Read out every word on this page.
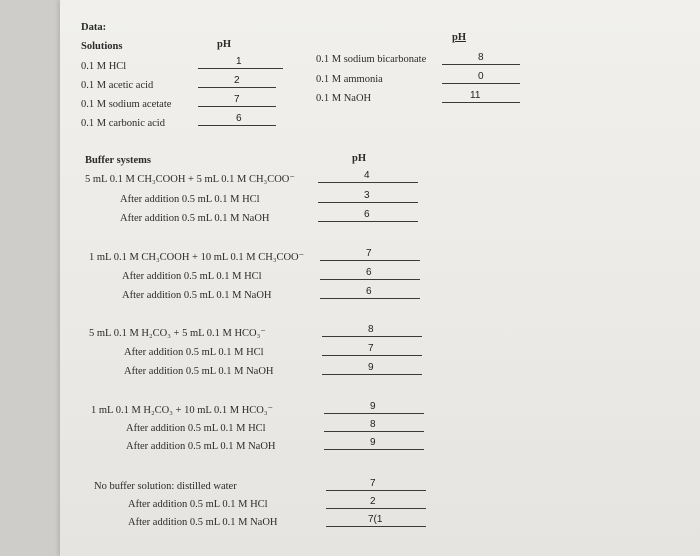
Data:
Solutions	pH
pH
0.1 M HCl	1
0.1 M acetic acid	2
0.1 M sodium acetate	7
0.1 M carbonic acid	6
0.1 M sodium bicarbonate	8
0.1 M ammonia	0
0.1 M NaOH	11
Buffer systems	pH
5 mL 0.1 M CH₃COOH + 5 mL 0.1 M CH₃COO⁻	4
After addition 0.5 mL 0.1 M HCl	3
After addition 0.5 mL 0.1 M NaOH	6
1 mL 0.1 M CH₃COOH + 10 mL 0.1 M CH₃COO⁻	7
After addition 0.5 mL 0.1 M HCl	6
After addition 0.5 mL 0.1 M NaOH	6
5 mL 0.1 M H₂CO₃ + 5 mL 0.1 M HCO₃⁻	8
After addition 0.5 mL 0.1 M HCl	7
After addition 0.5 mL 0.1 M NaOH	9
1 mL 0.1 M H₂CO₃ + 10 mL 0.1 M HCO₃⁻	9
After addition 0.5 mL 0.1 M HCl	8
After addition 0.5 mL 0.1 M NaOH	9
No buffer solution: distilled water	7
After addition 0.5 mL 0.1 M HCl	2
After addition 0.5 mL 0.1 M NaOH	7(1
